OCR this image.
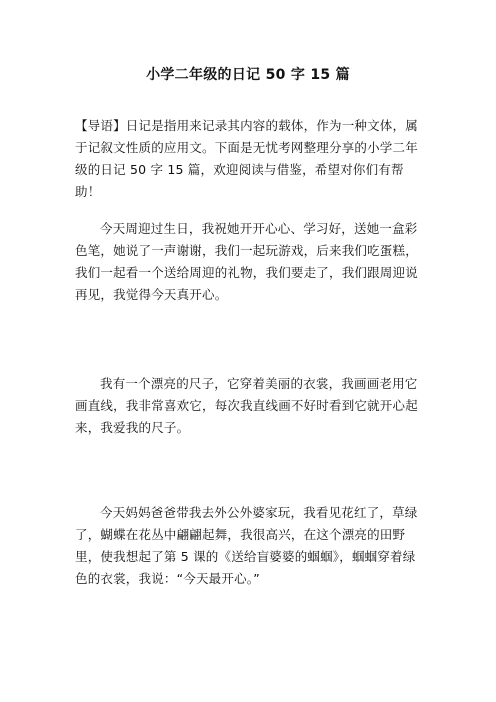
小学二年级的日记 50 字 15 篇

【导语】日记是指用来记录其内容的载体，作为一种文体，属于记叙文性质的应用文。下面是无忧考网整理分享的小学二年级的日记 50 字 15 篇，欢迎阅读与借鉴，希望对你们有帮助！

今天周迎过生日，我祝她开开心心、学习好，送她一盒彩色笔，她说了一声谢谢，我们一起玩游戏，后来我们吃蛋糕，我们一起看一个送给周迎的礼物，我们要走了，我们跟周迎说再见，我觉得今天真开心。

我有一个漂亮的尺子，它穿着美丽的衣裳，我画画老用它画直线，我非常喜欢它，每次我直线画不好时看到它就开心起来，我爱我的尺子。

今天妈妈爸爸带我去外公外婆家玩，我看见花红了，草绿了，蝴蝶在花丛中翩翩起舞，我很高兴，在这个漂亮的田野里，使我想起了第 5 课的《送给盲婆婆的蝈蝈》，蝈蝈穿着绿色的衣裳，我说：“今天最开心。”
